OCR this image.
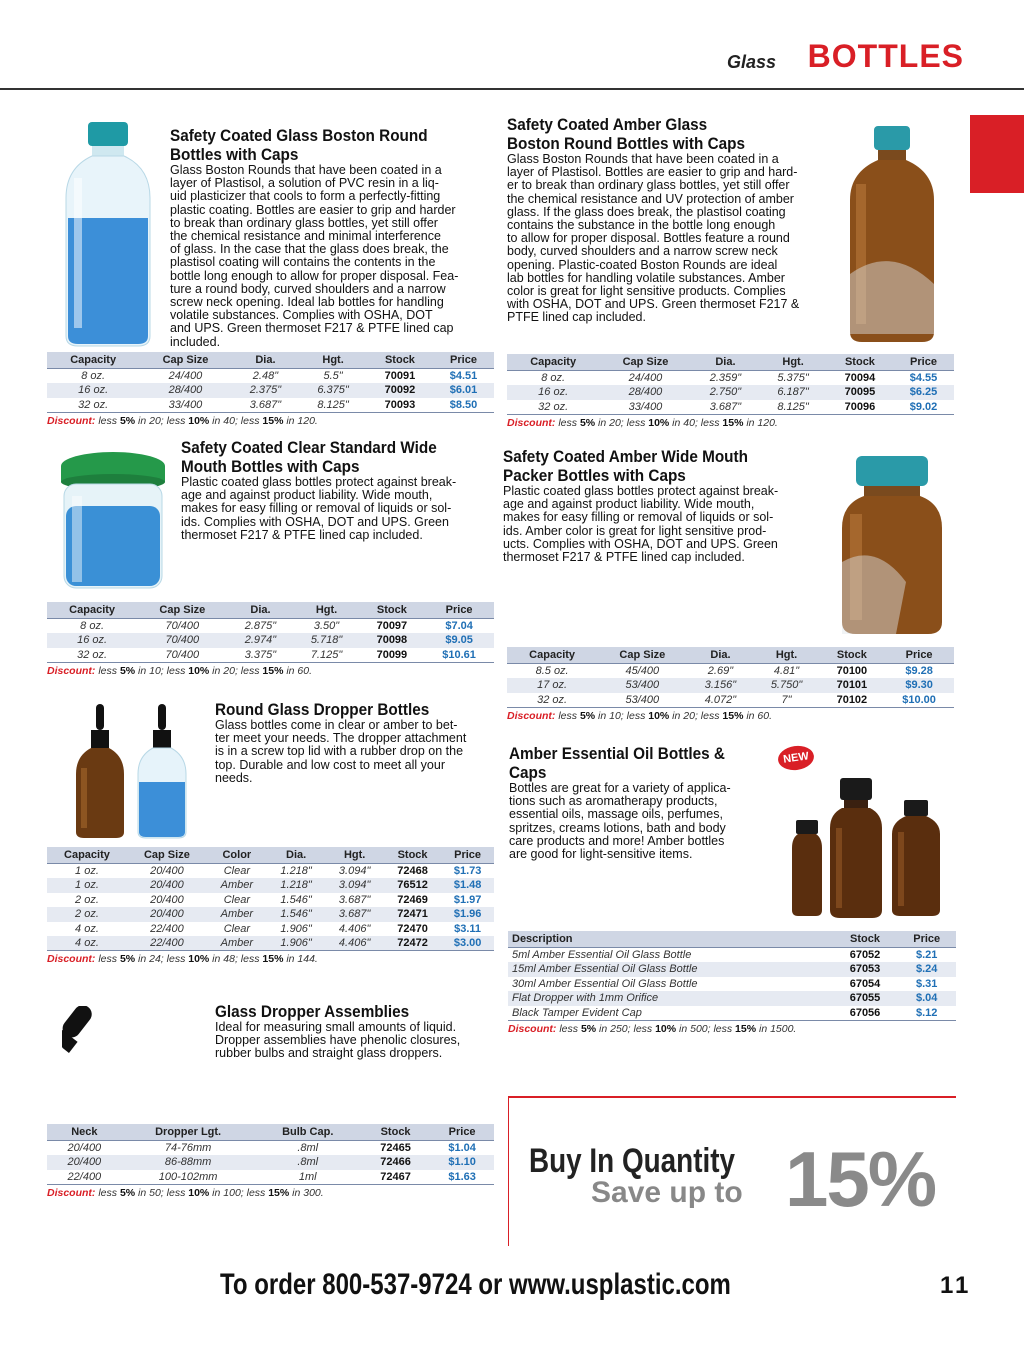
Glass BOTTLES
Safety Coated Glass Boston Round
Bottles with Caps
Glass Boston Rounds that have been coated in a
layer of Plastisol, a solution of PVC resin in a liq-
uid plasticizer that cools to form a perfectly-fitting
plastic coating. Bottles are easier to grip and harder
to break than ordinary glass bottles, yet still offer
the chemical resistance and minimal interference
of glass. In the case that the glass does break, the
plastisol coating will contains the contents in the
bottle long enough to allow for proper disposal. Fea-
ture a round body, curved shoulders and a narrow
screw neck opening. Ideal lab bottles for handling
volatile substances. Complies with OSHA, DOT
and UPS. Green thermoset F217 & PTFE lined cap
included.
Capacity	Cap Size	Dia.	Hgt.	Stock	Price
8 oz.	24/400	2.48"	5.5"	70091	$4.51
16 oz.	28/400	2.375"	6.375"	70092	$6.01
32 oz.	33/400	3.687"	8.125"	70093	$8.50
Discount: less 5% in 20; less 10% in 40; less 15% in 120.
Safety Coated Amber Glass
Boston Round Bottles with Caps
Glass Boston Rounds that have been coated in a
layer of Plastisol. Bottles are easier to grip and hard-
er to break than ordinary glass bottles, yet still offer
the chemical resistance and UV protection of amber
glass. If the glass does break, the plastisol coating
contains the substance in the bottle long enough
to allow for proper disposal. Bottles feature a round
body, curved shoulders and a narrow screw neck
opening. Plastic-coated Boston Rounds are ideal
lab bottles for handling volatile substances. Amber
color is great for light sensitive products. Complies
with OSHA, DOT and UPS. Green thermoset F217 &
PTFE lined cap included.
Capacity	Cap Size	Dia.	Hgt.	Stock	Price
8 oz.	24/400	2.359"	5.375"	70094	$4.55
16 oz.	28/400	2.750"	6.187"	70095	$6.25
32 oz.	33/400	3.687"	8.125"	70096	$9.02
Discount: less 5% in 20; less 10% in 40; less 15% in 120.
Safety Coated Clear Standard Wide
Mouth Bottles with Caps
Plastic coated glass bottles protect against break-
age and against product liability. Wide mouth,
makes for easy filling or removal of liquids or sol-
ids. Complies with OSHA, DOT and UPS. Green
thermoset F217 & PTFE lined cap included.
Capacity	Cap Size	Dia.	Hgt.	Stock	Price
8 oz.	70/400	2.875"	3.50"	70097	$7.04
16 oz.	70/400	2.974"	5.718"	70098	$9.05
32 oz.	70/400	3.375"	7.125"	70099	$10.61
Discount: less 5% in 10; less 10% in 20; less 15% in 60.
Safety Coated Amber Wide Mouth
Packer Bottles with Caps
Plastic coated glass bottles protect against break-
age and against product liability. Wide mouth,
makes for easy filling or removal of liquids or sol-
ids. Amber color is great for light sensitive prod-
ucts. Complies with OSHA, DOT and UPS. Green
thermoset F217 & PTFE lined cap included.
Capacity	Cap Size	Dia.	Hgt.	Stock	Price
8.5 oz.	45/400	2.69"	4.81"	70100	$9.28
17 oz.	53/400	3.156"	5.750"	70101	$9.30
32 oz.	53/400	4.072"	7"	70102	$10.00
Discount: less 5% in 10; less 10% in 20; less 15% in 60.
Round Glass Dropper Bottles
Glass bottles come in clear or amber to bet-
ter meet your needs. The dropper attachment
is in a screw top lid with a rubber drop on the
top. Durable and low cost to meet all your
needs.
Capacity	Cap Size	Color	Dia.	Hgt.	Stock	Price
1 oz.	20/400	Clear	1.218"	3.094"	72468	$1.73
1 oz.	20/400	Amber	1.218"	3.094"	76512	$1.48
2 oz.	20/400	Clear	1.546"	3.687"	72469	$1.97
2 oz.	20/400	Amber	1.546"	3.687"	72471	$1.96
4 oz.	22/400	Clear	1.906"	4.406"	72470	$3.11
4 oz.	22/400	Amber	1.906"	4.406"	72472	$3.00
Discount: less 5% in 24; less 10% in 48; less 15% in 144.
Amber Essential Oil Bottles &
Caps
Bottles are great for a variety of applica-
tions such as aromatherapy products,
essential oils, massage oils, perfumes,
spritzes, creams lotions, bath and body
care products and more! Amber bottles
are good for light-sensitive items.
NEW
Description	Stock	Price
5ml Amber Essential Oil Glass Bottle	67052	$.21
15ml Amber Essential Oil Glass Bottle	67053	$.24
30ml Amber Essential Oil Glass Bottle	67054	$.31
Flat Dropper with 1mm Orifice	67055	$.04
Black Tamper Evident Cap	67056	$.12
Discount: less 5% in 250; less 10% in 500; less 15% in 1500.
Glass Dropper Assemblies
Ideal for measuring small amounts of liquid.
Dropper assemblies have phenolic closures,
rubber bulbs and straight glass droppers.
Neck	Dropper Lgt.	Bulb Cap.	Stock	Price
20/400	74-76mm	.8ml	72465	$1.04
20/400	86-88mm	.8ml	72466	$1.10
22/400	100-102mm	1ml	72467	$1.63
Discount: less 5% in 50; less 10% in 100; less 15% in 300.
Buy In Quantity
Save up to 15%
To order 800-537-9724 or www.usplastic.com	11
